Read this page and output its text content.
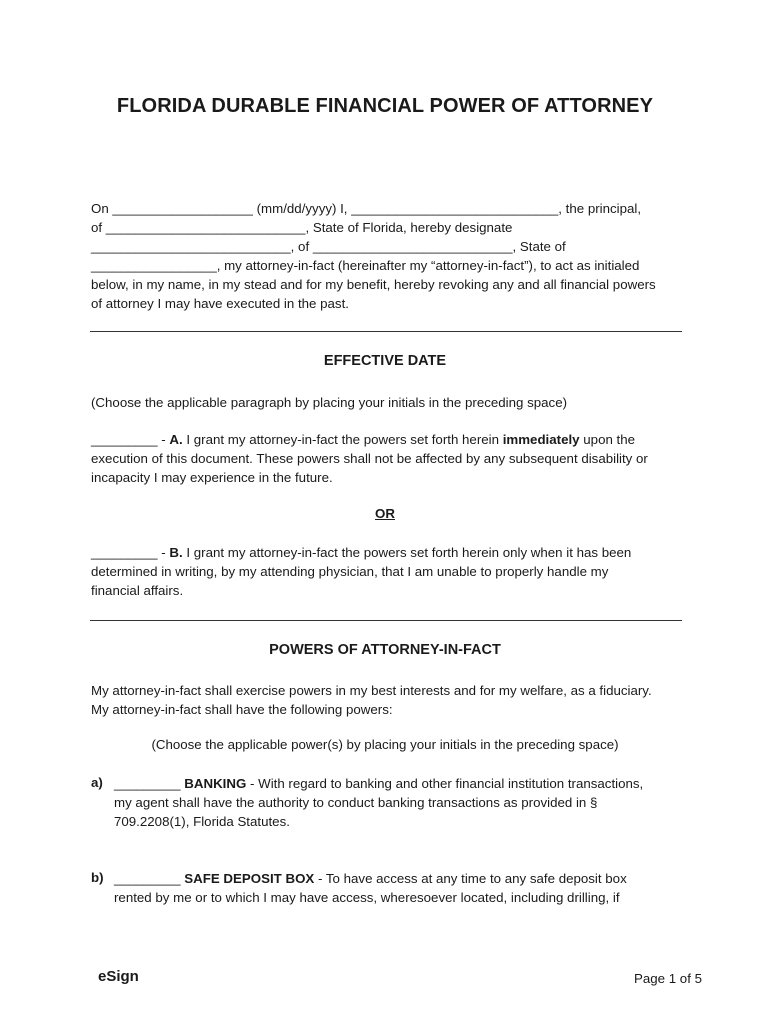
FLORIDA DURABLE FINANCIAL POWER OF ATTORNEY

On ___________________ (mm/dd/yyyy) I, ____________________________, the principal,

of ___________________________, State of Florida, hereby designate

___________________________, of ___________________________, State of

_________________, my attorney-in-fact (hereinafter my “attorney-in-fact”), to act as initialed

below, in my name, in my stead and for my benefit, hereby revoking any and all financial powers

of attorney I may have executed in the past.

EFFECTIVE DATE

(Choose the applicable paragraph by placing your initials in the preceding space)

_________ - A. I grant my attorney-in-fact the powers set forth herein immediately upon the

execution of this document. These powers shall not be affected by any subsequent disability or

incapacity I may experience in the future.

OR

_________ - B. I grant my attorney-in-fact the powers set forth herein only when it has been

determined in writing, by my attending physician, that I am unable to properly handle my

financial affairs.

POWERS OF ATTORNEY-IN-FACT

My attorney-in-fact shall exercise powers in my best interests and for my welfare, as a fiduciary.

My attorney-in-fact shall have the following powers:

(Choose the applicable power(s) by placing your initials in the preceding space)
a) _________ BANKING - With regard to banking and other financial institution transactions,

my agent shall have the authority to conduct banking transactions as provided in §

709.2208(1), Florida Statutes.

b) _________ SAFE DEPOSIT BOX - To have access at any time to any safe deposit box

rented by me or to which I may have access, wheresoever located, including drilling, if

eSign	Page 1 of 5
